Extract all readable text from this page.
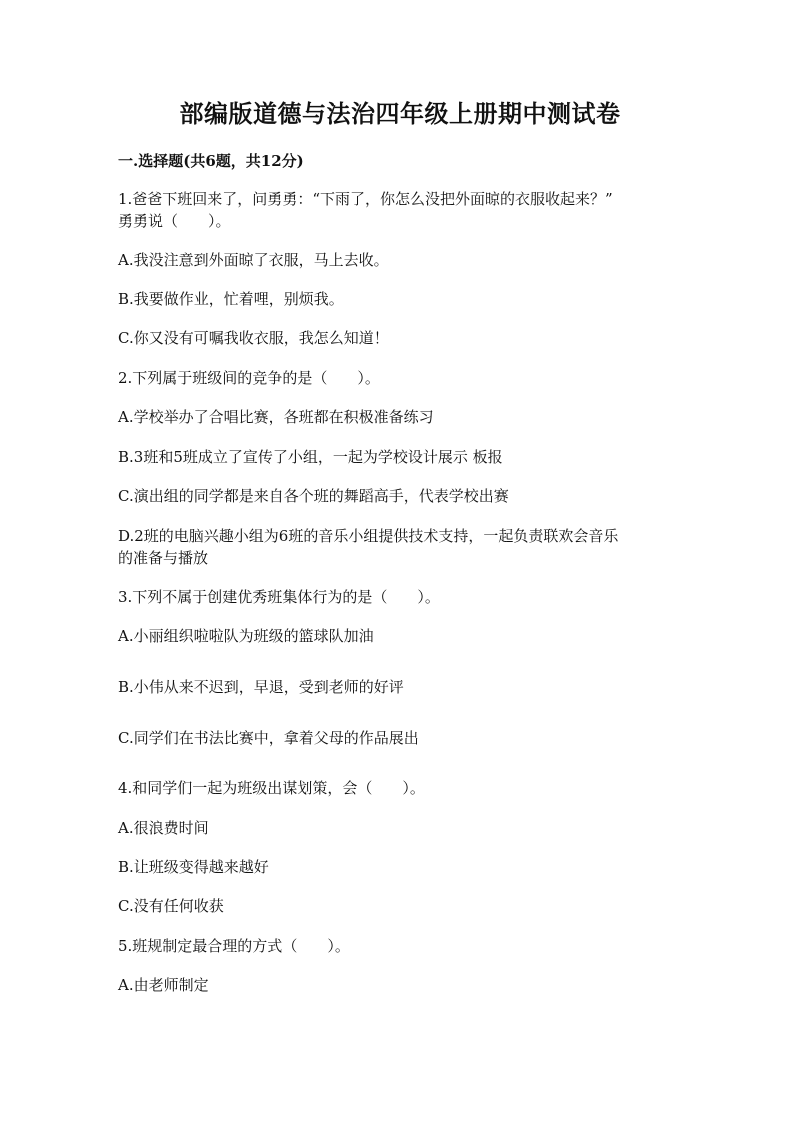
部编版道德与法治四年级上册期中测试卷
一.选择题(共6题，共12分)
1.爸爸下班回来了，问勇勇：“下雨了，你怎么没把外面晾的衣服收起来？”
勇勇说（　　）。
A.我没注意到外面晾了衣服，马上去收。
B.我要做作业，忙着哩，别烦我。
C.你又没有可嘱我收衣服，我怎么知道！
2.下列属于班级间的竞争的是（　　）。
A.学校举办了合唱比赛，各班都在积极准备练习
B.3班和5班成立了宣传了小组，一起为学校设计展示 板报
C.演出组的同学都是来自各个班的舞蹈高手，代表学校出赛
D.2班的电脑兴趣小组为6班的音乐小组提供技术支持，一起负责联欢会音乐
的准备与播放
3.下列不属于创建优秀班集体行为的是（　　）。
A.小丽组织啦啦队为班级的篮球队加油
B.小伟从来不迟到，早退，受到老师的好评
C.同学们在书法比赛中，拿着父母的作品展出
4.和同学们一起为班级出谋划策，会（　　）。
A.很浪费时间
B.让班级变得越来越好
C.没有任何收获
5.班规制定最合理的方式（　　）。
A.由老师制定
